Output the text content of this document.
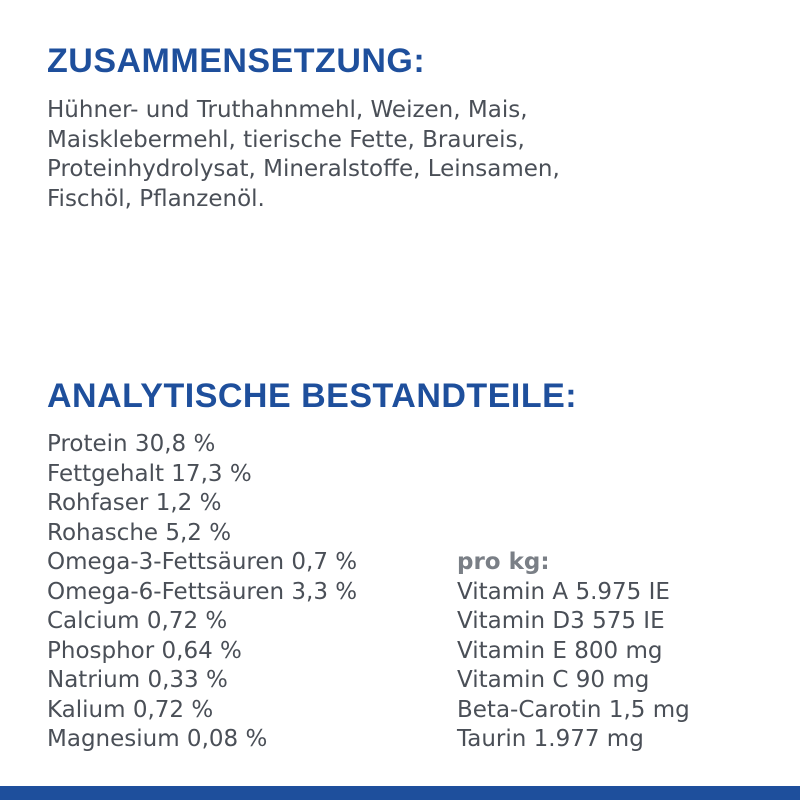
ZUSAMMENSETZUNG:

Hühner- und Truthahnmehl, Weizen, Mais,
Maisklebermehl, tierische Fette, Braureis,
Proteinhydrolysat, Mineralstoffe, Leinsamen,
Fischöl, Pflanzenöl.

ANALYTISCHE BESTANDTEILE:
Protein 30,8 %
Fettgehalt 17,3 %
Rohfaser 1,2 %
Rohasche 5,2 %
Omega-3-Fettsäuren 0,7 %
Omega-6-Fettsäuren 3,3 %
Calcium 0,72 %
Phosphor 0,64 %
Natrium 0,33 %
Kalium 0,72 %
Magnesium 0,08 %
pro kg:
Vitamin A 5.975 IE
Vitamin D3 575 IE
Vitamin E 800 mg
Vitamin C 90 mg
Beta-Carotin 1,5 mg
Taurin 1.977 mg
